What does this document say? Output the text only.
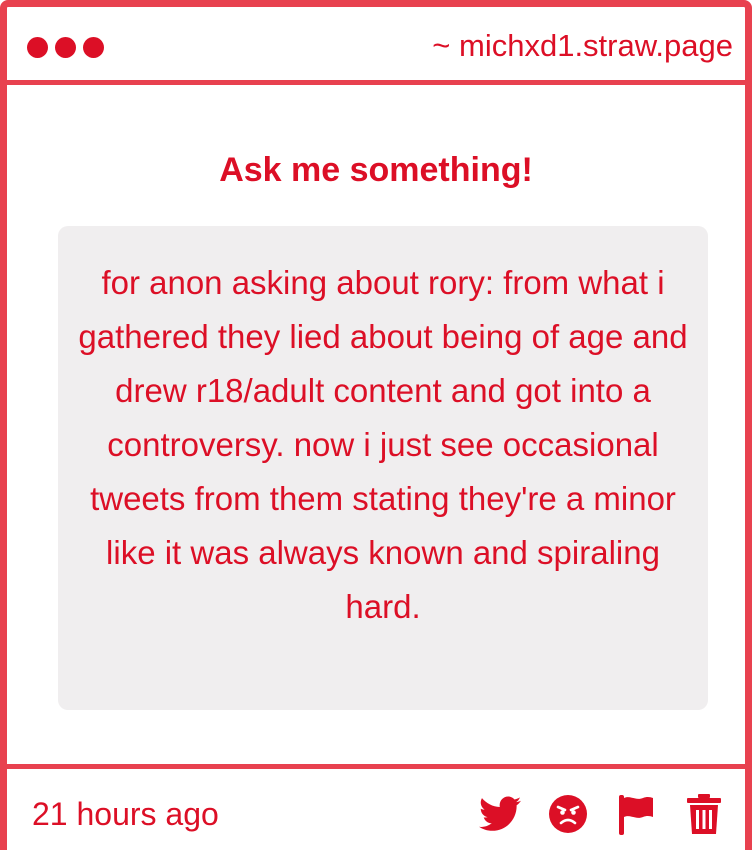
~ michxd1.straw.page
Ask me something!

for anon asking about rory: from what i gathered they lied about being of age and drew r18/adult content and got into a controversy. now i just see occasional tweets from them stating they're a minor like it was always known and spiraling hard.

21 hours ago
